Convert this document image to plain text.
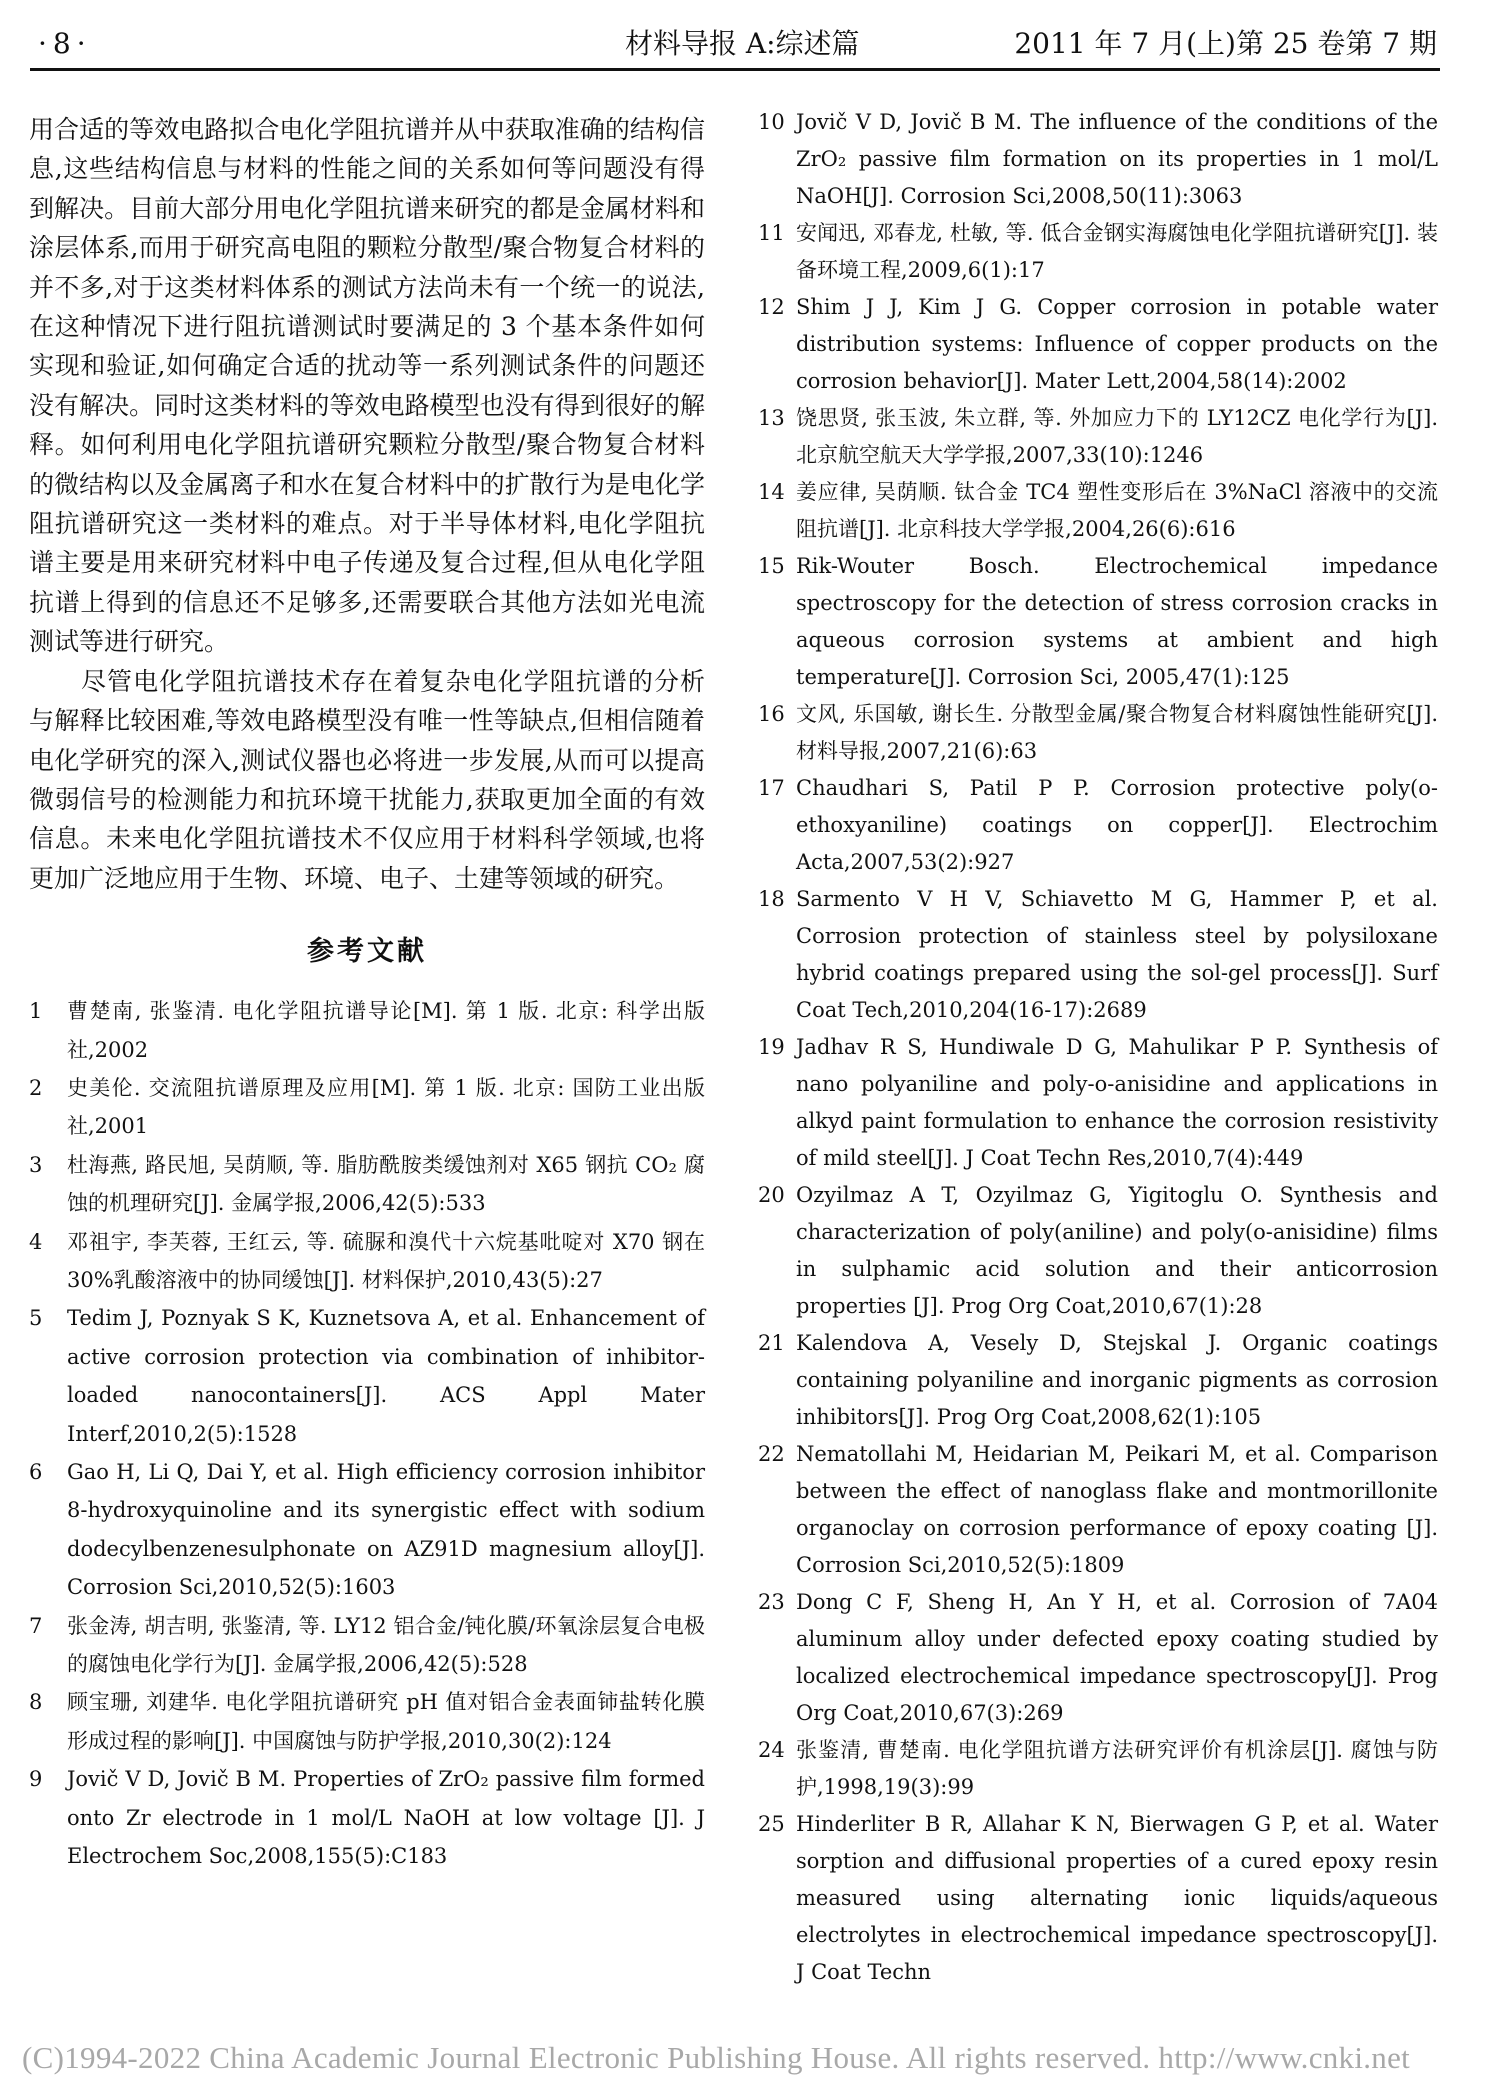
·8·	材料导报 A:综述篇	2011 年 7 月(上)第 25 卷第 7 期

用合适的等效电路拟合电化学阻抗谱并从中获取准确的结构信息,这些结构信息与材料的性能之间的关系如何等问题没有得到解决。目前大部分用电化学阻抗谱来研究的都是金属材料和涂层体系,而用于研究高电阻的颗粒分散型/聚合物复合材料的并不多,对于这类材料体系的测试方法尚未有一个统一的说法,在这种情况下进行阻抗谱测试时要满足的 3 个基本条件如何实现和验证,如何确定合适的扰动等一系列测试条件的问题还没有解决。同时这类材料的等效电路模型也没有得到很好的解释。如何利用电化学阻抗谱研究颗粒分散型/聚合物复合材料的微结构以及金属离子和水在复合材料中的扩散行为是电化学阻抗谱研究这一类材料的难点。对于半导体材料,电化学阻抗谱主要是用来研究材料中电子传递及复合过程,但从电化学阻抗谱上得到的信息还不足够多,还需要联合其他方法如光电流测试等进行研究。

尽管电化学阻抗谱技术存在着复杂电化学阻抗谱的分析与解释比较困难,等效电路模型没有唯一性等缺点,但相信随着电化学研究的深入,测试仪器也必将进一步发展,从而可以提高微弱信号的检测能力和抗环境干扰能力,获取更加全面的有效信息。未来电化学阻抗谱技术不仅应用于材料科学领域,也将更加广泛地应用于生物、环境、电子、土建等领域的研究。

参考文献
1	曹楚南, 张鉴清. 电化学阻抗谱导论[M]. 第 1 版. 北京: 科学出版社,2002
2	史美伦. 交流阻抗谱原理及应用[M]. 第 1 版. 北京: 国防工业出版社,2001
3	杜海燕, 路民旭, 吴荫顺, 等. 脂肪酰胺类缓蚀剂对 X65 钢抗 CO₂ 腐蚀的机理研究[J]. 金属学报,2006,42(5):533
4	邓祖宇, 李芙蓉, 王红云, 等. 硫脲和溴代十六烷基吡啶对 X70 钢在 30%乳酸溶液中的协同缓蚀[J]. 材料保护,2010,43(5):27
5	Tedim J, Poznyak S K, Kuznetsova A, et al. Enhancement of active corrosion protection via combination of inhibitor-loaded nanocontainers[J]. ACS Appl Mater Interf,2010,2(5):1528
6	Gao H, Li Q, Dai Y, et al. High efficiency corrosion inhibitor 8-hydroxyquinoline and its synergistic effect with sodium dodecylbenzenesulphonate on AZ91D magnesium alloy[J]. Corrosion Sci,2010,52(5):1603
7	张金涛, 胡吉明, 张鉴清, 等. LY12 铝合金/钝化膜/环氧涂层复合电极的腐蚀电化学行为[J]. 金属学报,2006,42(5):528
8	顾宝珊, 刘建华. 电化学阻抗谱研究 pH 值对铝合金表面铈盐转化膜形成过程的影响[J]. 中国腐蚀与防护学报,2010,30(2):124
9	Jovič V D, Jovič B M. Properties of ZrO₂ passive film formed onto Zr electrode in 1 mol/L NaOH at low voltage [J]. J Electrochem Soc,2008,155(5):C183
10 Jovič V D, Jovič B M. The influence of the conditions of the ZrO₂ passive film formation on its properties in 1 mol/L NaOH[J]. Corrosion Sci,2008,50(11):3063
11 安闻迅, 邓春龙, 杜敏, 等. 低合金钢实海腐蚀电化学阻抗谱研究[J]. 装备环境工程,2009,6(1):17
12 Shim J J, Kim J G. Copper corrosion in potable water distribution systems: Influence of copper products on the corrosion behavior[J]. Mater Lett,2004,58(14):2002
13 饶思贤, 张玉波, 朱立群, 等. 外加应力下的 LY12CZ 电化学行为[J]. 北京航空航天大学学报,2007,33(10):1246
14 姜应律, 吴荫顺. 钛合金 TC4 塑性变形后在 3%NaCl 溶液中的交流阻抗谱[J]. 北京科技大学学报,2004,26(6):616
15 Rik-Wouter Bosch. Electrochemical impedance spectroscopy for the detection of stress corrosion cracks in aqueous corrosion systems at ambient and high temperature[J]. Corrosion Sci, 2005,47(1):125
16 文风, 乐国敏, 谢长生. 分散型金属/聚合物复合材料腐蚀性能研究[J]. 材料导报,2007,21(6):63
17 Chaudhari S, Patil P P. Corrosion protective poly(o-ethoxyaniline) coatings on copper[J]. Electrochim Acta,2007,53(2):927
18 Sarmento V H V, Schiavetto M G, Hammer P, et al. Corrosion protection of stainless steel by polysiloxane hybrid coatings prepared using the sol-gel process[J]. Surf Coat Tech,2010,204(16-17):2689
19 Jadhav R S, Hundiwale D G, Mahulikar P P. Synthesis of nano polyaniline and poly-o-anisidine and applications in alkyd paint formulation to enhance the corrosion resistivity of mild steel[J]. J Coat Techn Res,2010,7(4):449
20 Ozyilmaz A T, Ozyilmaz G, Yigitoglu O. Synthesis and characterization of poly(aniline) and poly(o-anisidine) films in sulphamic acid solution and their anticorrosion properties [J]. Prog Org Coat,2010,67(1):28
21 Kalendova A, Vesely D, Stejskal J. Organic coatings containing polyaniline and inorganic pigments as corrosion inhibitors[J]. Prog Org Coat,2008,62(1):105
22 Nematollahi M, Heidarian M, Peikari M, et al. Comparison between the effect of nanoglass flake and montmorillonite organoclay on corrosion performance of epoxy coating [J]. Corrosion Sci,2010,52(5):1809
23 Dong C F, Sheng H, An Y H, et al. Corrosion of 7A04 aluminum alloy under defected epoxy coating studied by localized electrochemical impedance spectroscopy[J]. Prog Org Coat,2010,67(3):269
24 张鉴清, 曹楚南. 电化学阻抗谱方法研究评价有机涂层[J]. 腐蚀与防护,1998,19(3):99
25 Hinderliter B R, Allahar K N, Bierwagen G P, et al. Water sorption and diffusional properties of a cured epoxy resin measured using alternating ionic liquids/aqueous electrolytes in electrochemical impedance spectroscopy[J]. J Coat Techn
(C)1994-2022 China Academic Journal Electronic Publishing House. All rights reserved. http://www.cnki.net
